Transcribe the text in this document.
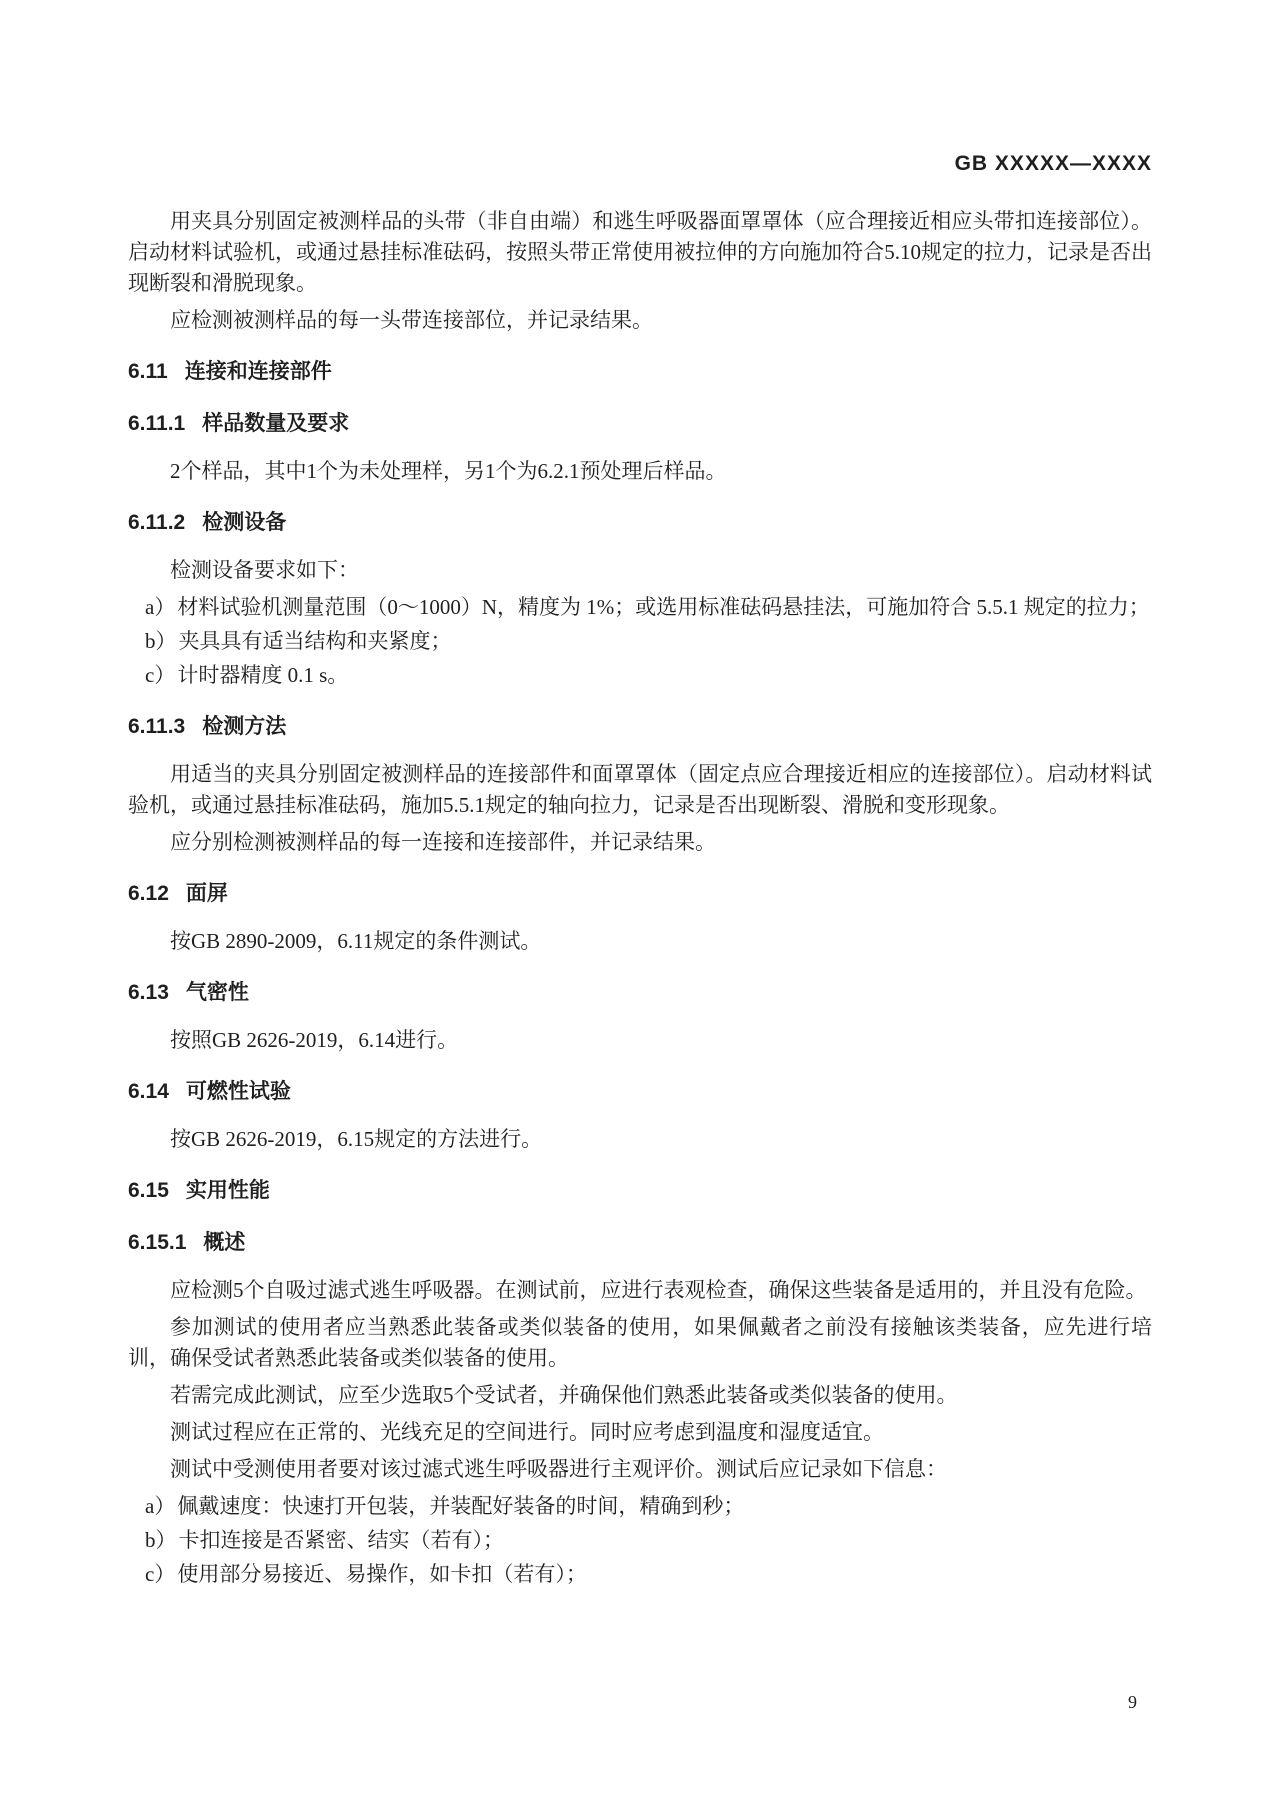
GB XXXXX—XXXX

用夹具分别固定被测样品的头带（非自由端）和逃生呼吸器面罩罩体（应合理接近相应头带扣连接部位）。启动材料试验机，或通过悬挂标准砝码，按照头带正常使用被拉伸的方向施加符合5.10规定的拉力，记录是否出现断裂和滑脱现象。

应检测被测样品的每一头带连接部位，并记录结果。

6.11 连接和连接部件
6.11.1 样品数量及要求

2个样品，其中1个为未处理样，另1个为6.2.1预处理后样品。

6.11.2 检测设备

检测设备要求如下：

a） 材料试验机测量范围（0～1000）N，精度为 1%；或选用标准砝码悬挂法，可施加符合 5.5.1 规定的拉力；
b） 夹具具有适当结构和夹紧度；
c） 计时器精度 0.1 s。
6.11.3 检测方法

用适当的夹具分别固定被测样品的连接部件和面罩罩体（固定点应合理接近相应的连接部位）。启动材料试验机，或通过悬挂标准砝码，施加5.5.1规定的轴向拉力，记录是否出现断裂、滑脱和变形现象。

应分别检测被测样品的每一连接和连接部件，并记录结果。

6.12 面屏

按GB 2890-2009，6.11规定的条件测试。

6.13 气密性

按照GB 2626-2019，6.14进行。

6.14 可燃性试验

按GB 2626-2019，6.15规定的方法进行。

6.15 实用性能
6.15.1 概述

应检测5个自吸过滤式逃生呼吸器。在测试前，应进行表观检查，确保这些装备是适用的，并且没有危险。

参加测试的使用者应当熟悉此装备或类似装备的使用，如果佩戴者之前没有接触该类装备，应先进行培训，确保受试者熟悉此装备或类似装备的使用。

若需完成此测试，应至少选取5个受试者，并确保他们熟悉此装备或类似装备的使用。

测试过程应在正常的、光线充足的空间进行。同时应考虑到温度和湿度适宜。

测试中受测使用者要对该过滤式逃生呼吸器进行主观评价。测试后应记录如下信息：

a） 佩戴速度：快速打开包装，并装配好装备的时间，精确到秒；
b） 卡扣连接是否紧密、结实（若有）；
c） 使用部分易接近、易操作，如卡扣（若有）；
9
